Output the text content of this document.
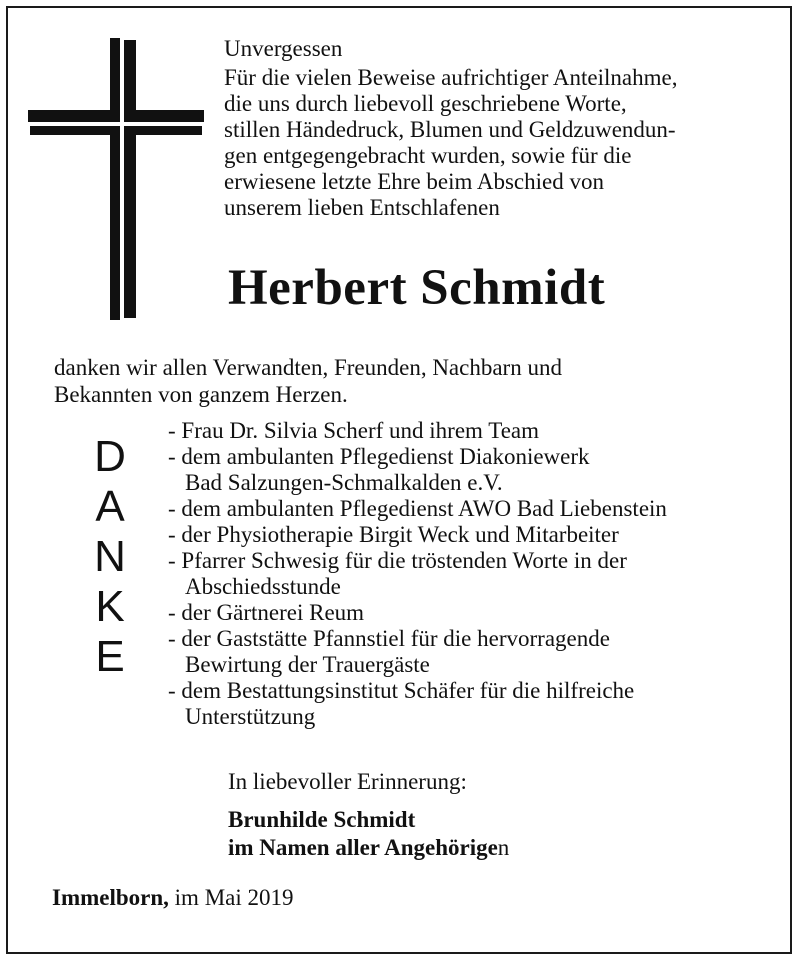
Unvergessen
Für die vielen Beweise aufrichtiger Anteilnahme,
die uns durch liebevoll geschriebene Worte,
stillen Händedruck, Blumen und Geldzuwendun-
gen entgegengebracht wurden, sowie für die
erwiesene letzte Ehre beim Abschied von
unserem lieben Entschlafenen
Herbert Schmidt
danken wir allen Verwandten, Freunden, Nachbarn und
Bekannten von ganzem Herzen.
D
A
N
K
E
- Frau Dr. Silvia Scherf und ihrem Team
- dem ambulanten Pflegedienst Diakoniewerk
Bad Salzungen-Schmalkalden e.V.
- dem ambulanten Pflegedienst AWO Bad Liebenstein
- der Physiotherapie Birgit Weck und Mitarbeiter
- Pfarrer Schwesig für die tröstenden Worte in der
Abschiedsstunde
- der Gärtnerei Reum
- der Gaststätte Pfannstiel für die hervorragende
Bewirtung der Trauergäste
- dem Bestattungsinstitut Schäfer für die hilfreiche
Unterstützung
In liebevoller Erinnerung:
Brunhilde Schmidt
im Namen aller Angehörigen
Immelborn, im Mai 2019
